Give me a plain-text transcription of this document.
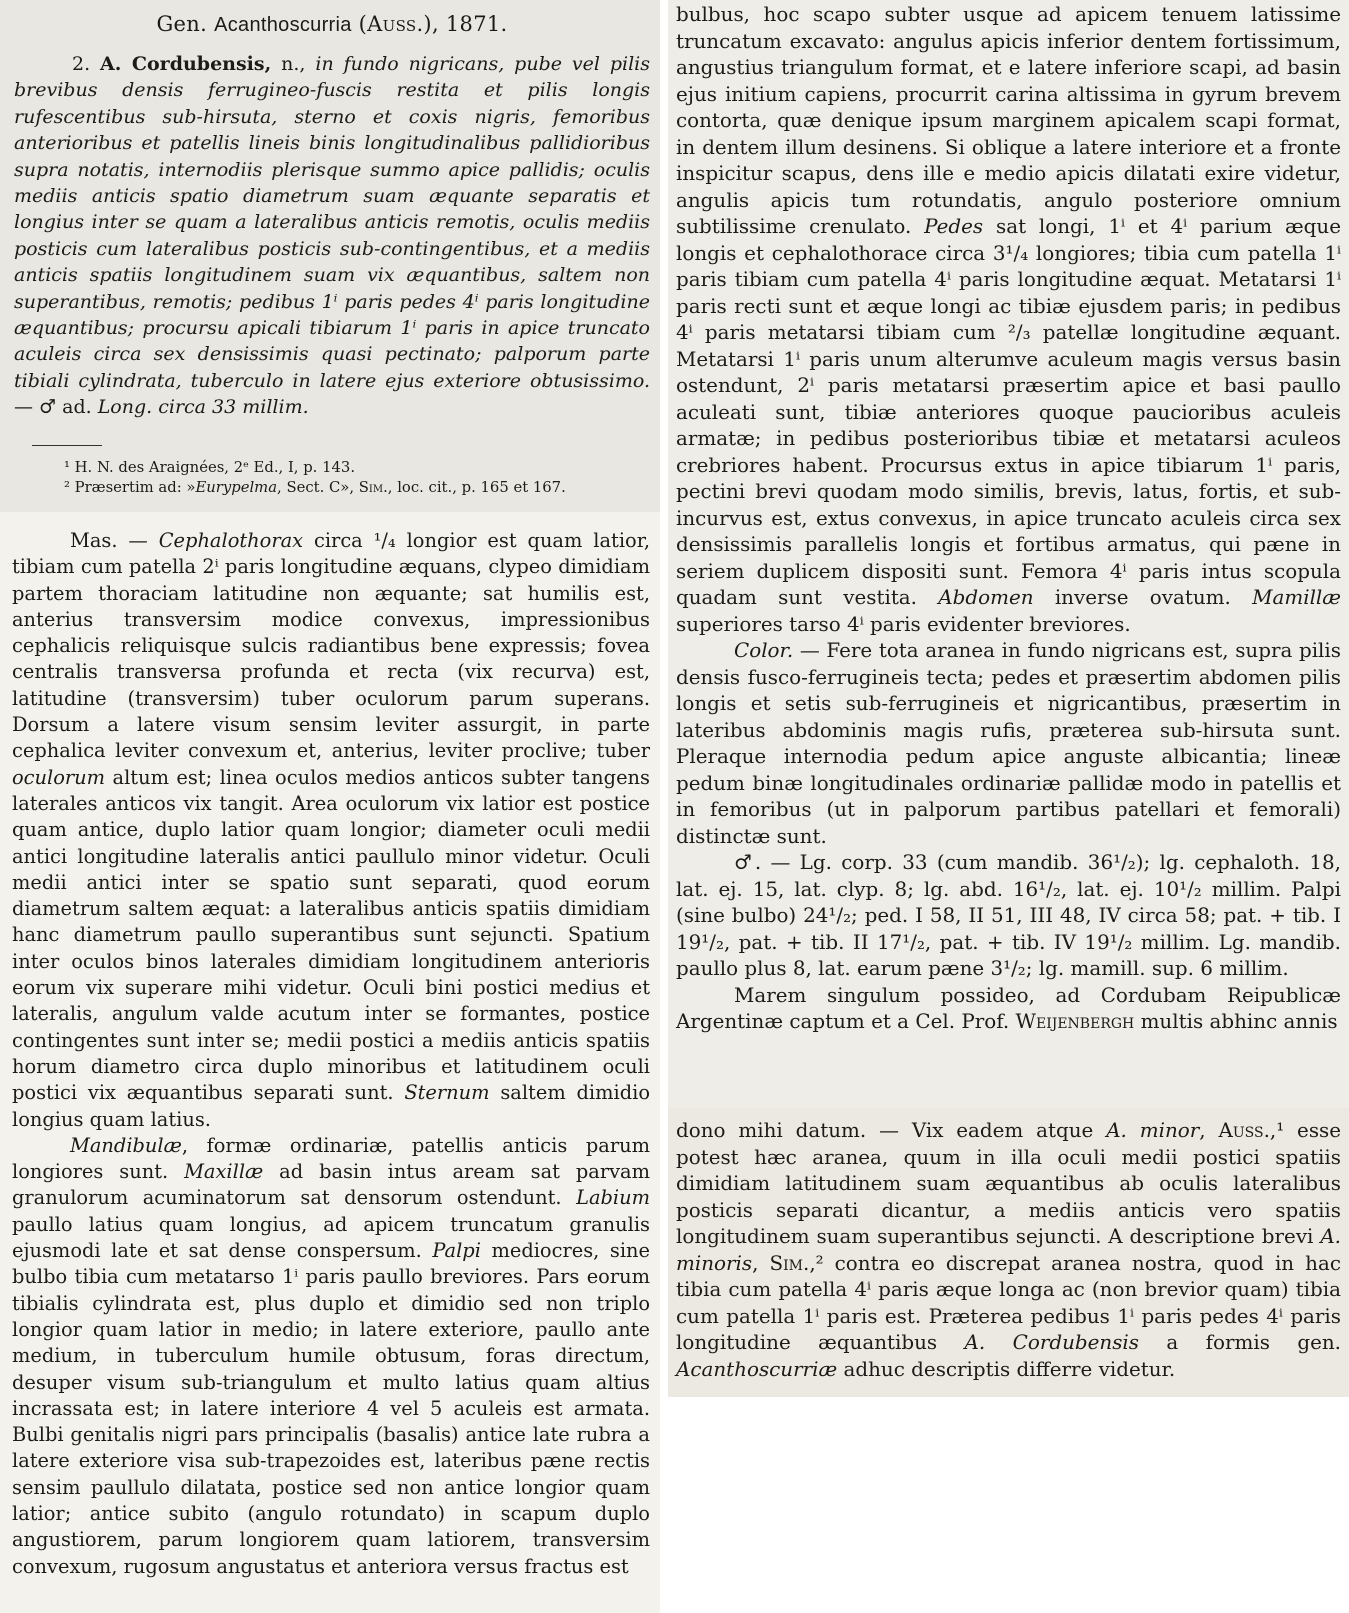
Gen. Acanthoscurria (Auss.), 1871.

2. A. Cordubensis, n., in fundo nigricans, pube vel pilis brevibus densis ferrugineo-fuscis restita et pilis longis rufescentibus sub-hirsuta, sterno et coxis nigris, femoribus anterioribus et patellis lineis binis longitudinalibus pallidioribus supra notatis, internodiis plerisque summo apice pallidis; oculis mediis anticis spatio diametrum suam æquante separatis et longius inter se quam a lateralibus anticis remotis, oculis mediis posticis cum lateralibus posticis sub-contingentibus, et a mediis anticis spatiis longitudinem suam vix æquantibus, saltem non superantibus, remotis; pedibus 1ⁱ paris pedes 4ⁱ paris longitudine æquantibus; procursu apicali tibiarum 1ⁱ paris in apice truncato aculeis circa sex densissimis quasi pectinato; palporum parte tibiali cylindrata, tuberculo in latere ejus exteriore obtusissimo. — ♂ ad. Long. circa 33 millim.

¹ H. N. des Araignées, 2ᵉ Ed., I, p. 143.

² Præsertim ad: »Eurypelma, Sect. C», Sim., loc. cit., p. 165 et 167.

Mas. — Cephalothorax circa ¹/₄ longior est quam latior, tibiam cum patella 2ⁱ paris longitudine æquans, clypeo dimidiam partem thoraciam latitudine non æquante; sat humilis est, anterius transversim modice convexus, impressionibus cephalicis reliquisque sulcis radiantibus bene expressis; fovea centralis transversa profunda et recta (vix recurva) est, latitudine (transversim) tuber oculorum parum superans. Dorsum a latere visum sensim leviter assurgit, in parte cephalica leviter convexum et, anterius, leviter proclive; tuber oculorum altum est; linea oculos medios anticos subter tangens laterales anticos vix tangit. Area oculorum vix latior est postice quam antice, duplo latior quam longior; diameter oculi medii antici longitudine lateralis antici paullulo minor videtur. Oculi medii antici inter se spatio sunt separati, quod eorum diametrum saltem æquat: a lateralibus anticis spatiis dimidiam hanc diametrum paullo superantibus sunt sejuncti. Spatium inter oculos binos laterales dimidiam longitudinem anterioris eorum vix superare mihi videtur. Oculi bini postici medius et lateralis, angulum valde acutum inter se formantes, postice contingentes sunt inter se; medii postici a mediis anticis spatiis horum diametro circa duplo minoribus et latitudinem oculi postici vix æquantibus separati sunt. Sternum saltem dimidio longius quam latius.

Mandibulæ, formæ ordinariæ, patellis anticis parum longiores sunt. Maxillæ ad basin intus aream sat parvam granulorum acuminatorum sat densorum ostendunt. Labium paullo latius quam longius, ad apicem truncatum granulis ejusmodi late et sat dense conspersum. Palpi mediocres, sine bulbo tibia cum metatarso 1ⁱ paris paullo breviores. Pars eorum tibialis cylindrata est, plus duplo et dimidio sed non triplo longior quam latior in medio; in latere exteriore, paullo ante medium, in tuberculum humile obtusum, foras directum, desuper visum sub-triangulum et multo latius quam altius incrassata est; in latere interiore 4 vel 5 aculeis est armata. Bulbi genitalis nigri pars principalis (basalis) antice late rubra a latere exteriore visa sub-trapezoides est, lateribus pæne rectis sensim paullulo dilatata, postice sed non antice longior quam latior; antice subito (angulo rotundato) in scapum duplo angustiorem, parum longiorem quam latiorem, transversim convexum, rugosum angustatus et anteriora versus fractus est

bulbus, hoc scapo subter usque ad apicem tenuem latissime truncatum excavato: angulus apicis inferior dentem fortissimum, angustius triangulum format, et e latere inferiore scapi, ad basin ejus initium capiens, procurrit carina altissima in gyrum brevem contorta, quæ denique ipsum marginem apicalem scapi format, in dentem illum desinens. Si oblique a latere interiore et a fronte inspicitur scapus, dens ille e medio apicis dilatati exire videtur, angulis apicis tum rotundatis, angulo posteriore omnium subtilissime crenulato. Pedes sat longi, 1ⁱ et 4ⁱ parium æque longis et cephalothorace circa 3¹/₄ longiores; tibia cum patella 1ⁱ paris tibiam cum patella 4ⁱ paris longitudine æquat. Metatarsi 1ⁱ paris recti sunt et æque longi ac tibiæ ejusdem paris; in pedibus 4ⁱ paris metatarsi tibiam cum ²/₃ patellæ longitudine æquant. Metatarsi 1ⁱ paris unum alterumve aculeum magis versus basin ostendunt, 2ⁱ paris metatarsi præsertim apice et basi paullo aculeati sunt, tibiæ anteriores quoque paucioribus aculeis armatæ; in pedibus posterioribus tibiæ et metatarsi aculeos crebriores habent. Procursus extus in apice tibiarum 1ⁱ paris, pectini brevi quodam modo similis, brevis, latus, fortis, et sub-incurvus est, extus convexus, in apice truncato aculeis circa sex densissimis parallelis longis et fortibus armatus, qui pæne in seriem duplicem dispositi sunt. Femora 4ⁱ paris intus scopula quadam sunt vestita. Abdomen inverse ovatum. Mamillæ superiores tarso 4ⁱ paris evidenter breviores.

Color. — Fere tota aranea in fundo nigricans est, supra pilis densis fusco-ferrugineis tecta; pedes et præsertim abdomen pilis longis et setis sub-ferrugineis et nigricantibus, præsertim in lateribus abdominis magis rufis, præterea sub-hirsuta sunt. Pleraque internodia pedum apice anguste albicantia; lineæ pedum binæ longitudinales ordinariæ pallidæ modo in patellis et in femoribus (ut in palporum partibus patellari et femorali) distinctæ sunt.

♂. — Lg. corp. 33 (cum mandib. 36¹/₂); lg. cephaloth. 18, lat. ej. 15, lat. clyp. 8; lg. abd. 16¹/₂, lat. ej. 10¹/₂ millim. Palpi (sine bulbo) 24¹/₂; ped. I 58, II 51, III 48, IV circa 58; pat. + tib. I 19¹/₂, pat. + tib. II 17¹/₂, pat. + tib. IV 19¹/₂ millim. Lg. mandib. paullo plus 8, lat. earum pæne 3¹/₂; lg. mamill. sup. 6 millim.

Marem singulum possideo, ad Cordubam Reipublicæ Argentinæ captum et a Cel. Prof. Weijenbergh multis abhinc annis

dono mihi datum. — Vix eadem atque A. minor, Auss.,¹ esse potest hæc aranea, quum in illa oculi medii postici spatiis dimidiam latitudinem suam æquantibus ab oculis lateralibus posticis separati dicantur, a mediis anticis vero spatiis longitudinem suam superantibus sejuncti. A descriptione brevi A. minoris, Sim.,² contra eo discrepat aranea nostra, quod in hac tibia cum patella 4ⁱ paris æque longa ac (non brevior quam) tibia cum patella 1ⁱ paris est. Præterea pedibus 1ⁱ paris pedes 4ⁱ paris longitudine æquantibus A. Cordubensis a formis gen. Acanthoscurriæ adhuc descriptis differre videtur.
